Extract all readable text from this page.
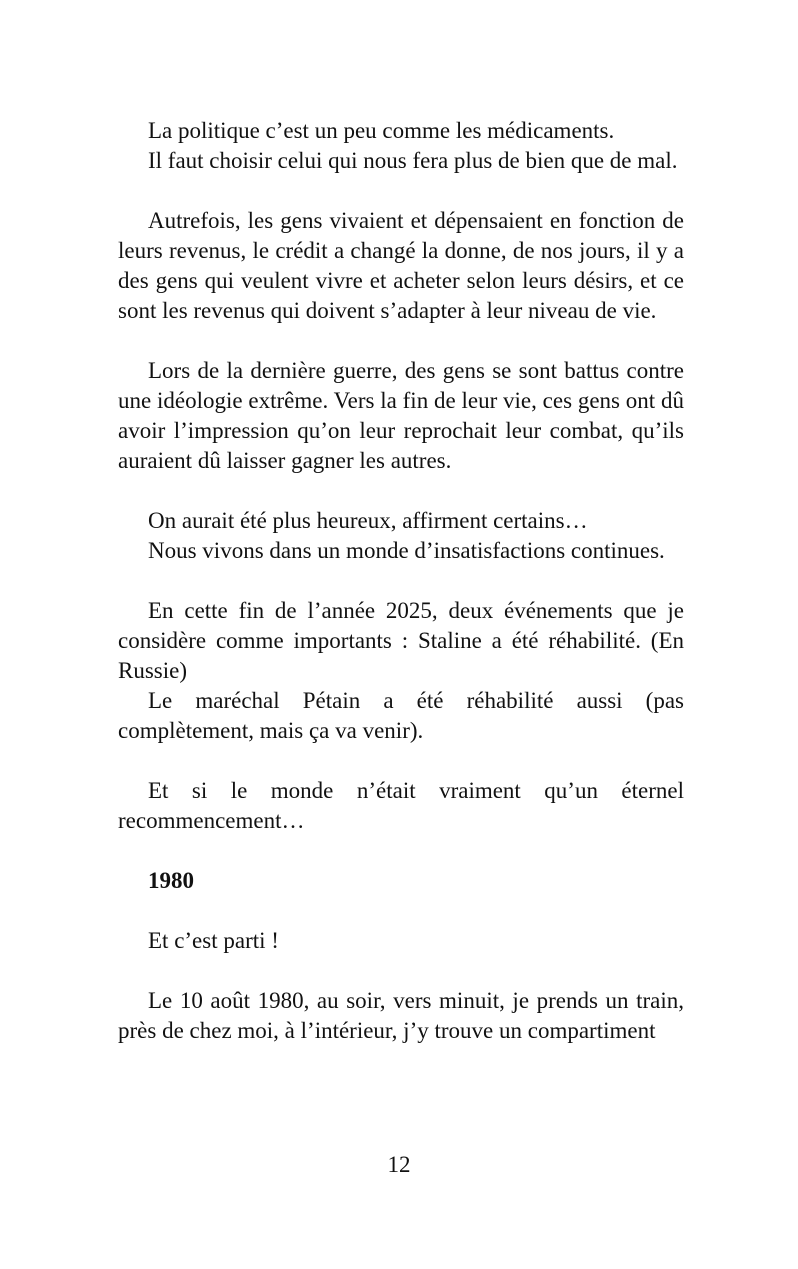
La politique c’est un peu comme les médicaments.

Il faut choisir celui qui nous fera plus de bien que de mal.

Autrefois, les gens vivaient et dépensaient en fonction de leurs revenus, le crédit a changé la donne, de nos jours, il y a des gens qui veulent vivre et acheter selon leurs désirs, et ce sont les revenus qui doivent s’adapter à leur niveau de vie.

Lors de la dernière guerre, des gens se sont battus contre une idéologie extrême. Vers la fin de leur vie, ces gens ont dû avoir l’impression qu’on leur reprochait leur combat, qu’ils auraient dû laisser gagner les autres.

On aurait été plus heureux, affirment certains…

Nous vivons dans un monde d’insatisfactions continues.

En cette fin de l’année 2025, deux événements que je considère comme importants : Staline a été réhabilité. (En Russie)

Le maréchal Pétain a été réhabilité aussi (pas complètement, mais ça va venir).

Et si le monde n’était vraiment qu’un éternel recommencement…

1980

Et c’est parti !

Le 10 août 1980, au soir, vers minuit, je prends un train, près de chez moi, à l’intérieur, j’y trouve un compartiment

12
